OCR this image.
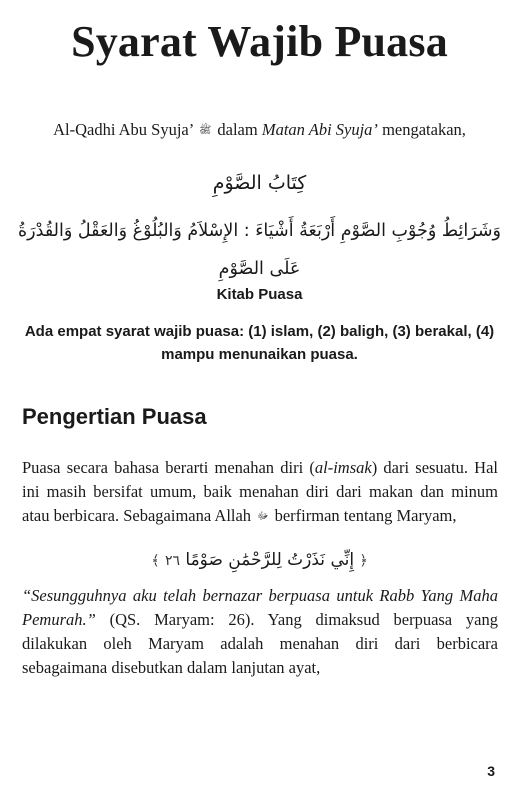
Syarat Wajib Puasa
Al-Qadhi Abu Syuja’ ﷺ dalam Matan Abi Syuja’ mengatakan,
كِتَابُ الصَّوْمِ
وَشَرَائِطُ وُجُوْبِ الصَّوْمِ أَرْبَعَةُ أَشْيَاءَ : الإِسْلاَمُ وَالبُلُوْغُ وَالعَقْلُ وَالقُدْرَةُ عَلَى الصَّوْمِ
Kitab Puasa
Ada empat syarat wajib puasa: (1) islam, (2) baligh, (3) berakal, (4) mampu menunaikan puasa.
Pengertian Puasa

Puasa secara bahasa berarti menahan diri (al-imsak) dari sesuatu. Hal ini masih bersifat umum, baik menahan diri dari makan dan minum atau berbicara. Sebagaimana Allah ﷻ berfirman tentang Maryam,

﴿ إِنِّي نَذَرْتُ لِلرَّحْمَٰنِ صَوْمًا ٢٦ ﴾

“Sesungguhnya aku telah bernazar berpuasa untuk Rabb Yang Maha Pemurah.” (QS. Maryam: 26). Yang dimaksud berpuasa yang dilakukan oleh Maryam adalah menahan diri dari berbicara sebagaimana disebutkan dalam lanjutan ayat,

3
